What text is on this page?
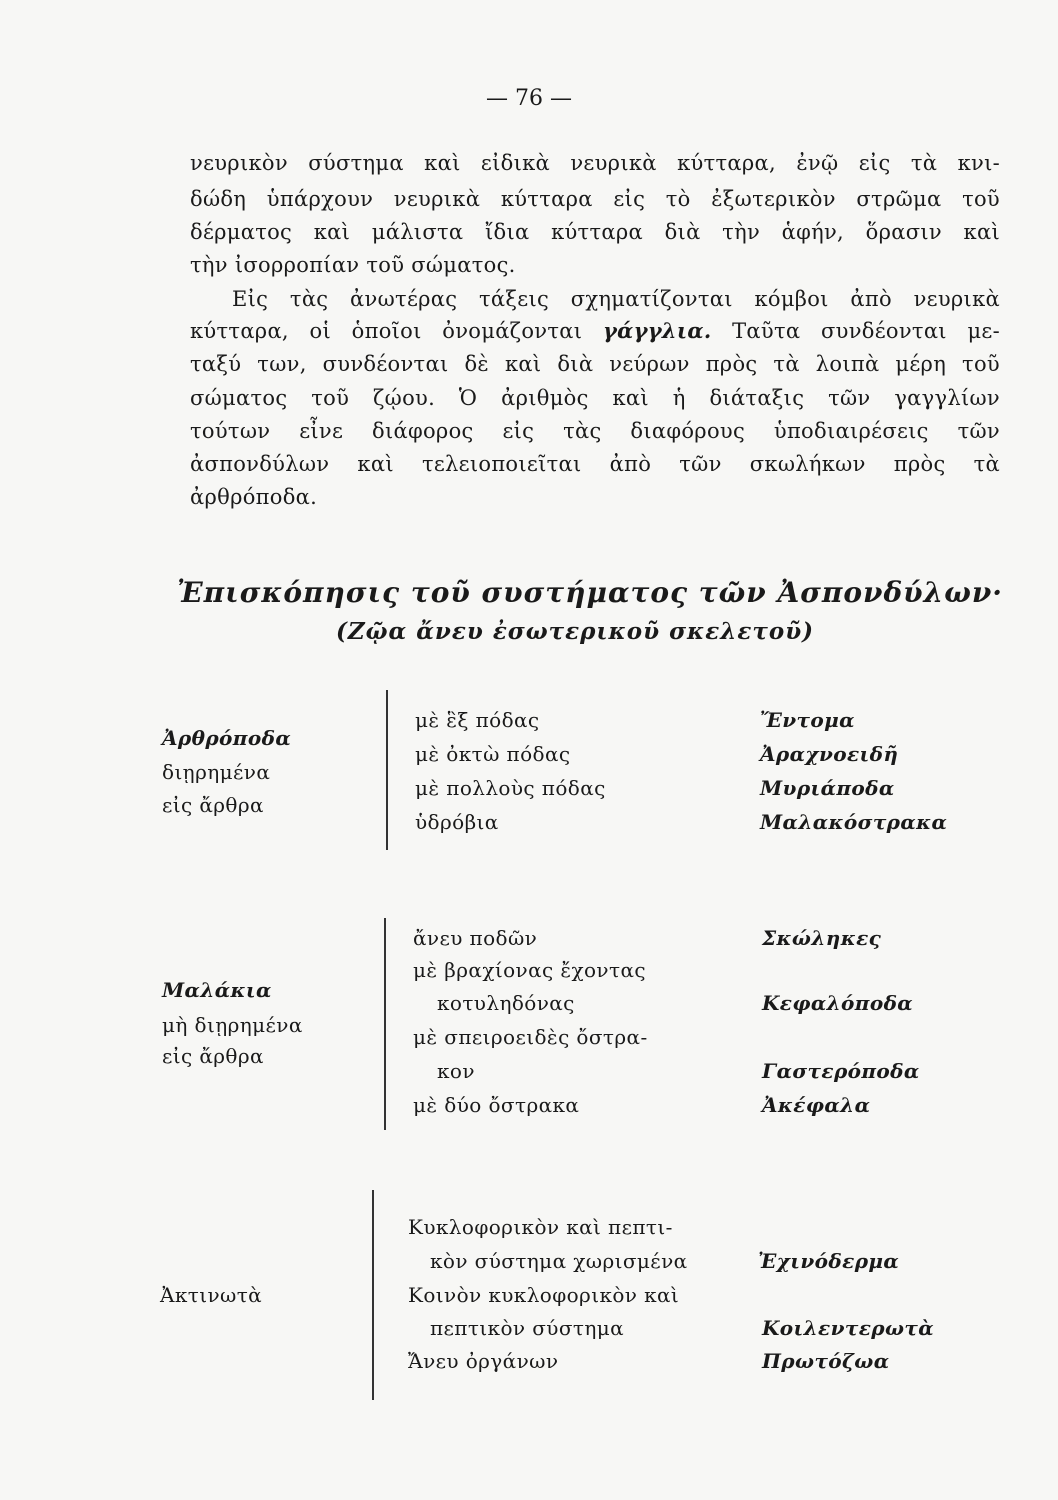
— 76 —
νευρικὸν σύστημα καὶ εἰδικὰ νευρικὰ κύτταρα, ἐνῷ εἰς τὰ κνι-
δώδη ὑπάρχουν νευρικὰ κύτταρα εἰς τὸ ἐξωτερικὸν στρῶμα τοῦ
δέρματος καὶ μάλιστα ἴδια κύτταρα διὰ τὴν ἁφήν, ὅρασιν καὶ
τὴν ἰσορροπίαν τοῦ σώματος.
Εἰς τὰς ἀνωτέρας τάξεις σχηματίζονται κόμβοι ἀπὸ νευρικὰ
κύτταρα, οἱ ὁποῖοι ὀνομάζονται γάγγλια. Ταῦτα συνδέονται με-
ταξύ των, συνδέονται δὲ καὶ διὰ νεύρων πρὸς τὰ λοιπὰ μέρη τοῦ
σώματος τοῦ ζῴου. Ὁ ἀριθμὸς καὶ ἡ διάταξις τῶν γαγγλίων
τούτων εἶνε διάφορος εἰς τὰς διαφόρους ὑποδιαιρέσεις τῶν
ἀσπονδύλων καὶ τελειοποιεῖται ἀπὸ τῶν σκωλήκων πρὸς τὰ
ἀρθρόποδα.
Ἐπισκόπησις τοῦ συστήματος τῶν Ἀσπονδύλων·
(Ζῷα ἄνευ ἐσωτερικοῦ σκελετοῦ)
Ἀρθρόποδα
διῃρημένα
εἰς ἄρθρα
μὲ ἓξ πόδας
μὲ ὀκτὼ πόδας
μὲ πολλοὺς πόδας
ὑδρόβια
Ἔντομα
Ἀραχνοειδῆ
Μυριάποδα
Μαλακόστρακα
Μαλάκια
μὴ διῃρημένα
εἰς ἄρθρα
ἄνευ ποδῶν
μὲ βραχίονας ἔχοντας
κοτυληδόνας
μὲ σπειροειδὲς ὄστρα-
κον
μὲ δύο ὄστρακα
Σκώληκες
Κεφαλόποδα
Γαστερόποδα
Ἀκέφαλα
Ἀκτινωτὰ
Κυκλοφορικὸν καὶ πεπτι-
κὸν σύστημα χωρισμένα
Κοινὸν κυκλοφορικὸν καὶ
πεπτικὸν σύστημα
Ἄνευ ὀργάνων
Ἐχινόδερμα
Κοιλεντερωτὰ
Πρωτόζωα
